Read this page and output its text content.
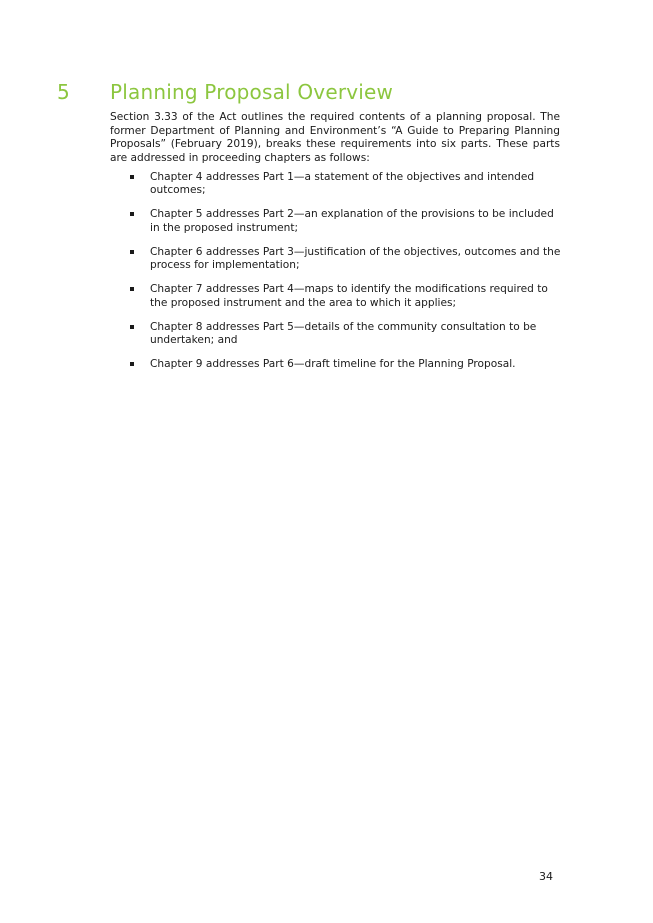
5 Planning Proposal Overview

Section 3.33 of the Act outlines the required contents of a planning proposal. The former Department of Planning and Environment’s “A Guide to Preparing Planning Proposals” (February 2019), breaks these requirements into six parts. These parts are addressed in proceeding chapters as follows:

Chapter 4 addresses Part 1—a statement of the objectives and intended outcomes;
Chapter 5 addresses Part 2—an explanation of the provisions to be included in the proposed instrument;
Chapter 6 addresses Part 3—justification of the objectives, outcomes and the process for implementation;
Chapter 7 addresses Part 4—maps to identify the modifications required to the proposed instrument and the area to which it applies;
Chapter 8 addresses Part 5—details of the community consultation to be undertaken; and
Chapter 9 addresses Part 6—draft timeline for the Planning Proposal.
34
